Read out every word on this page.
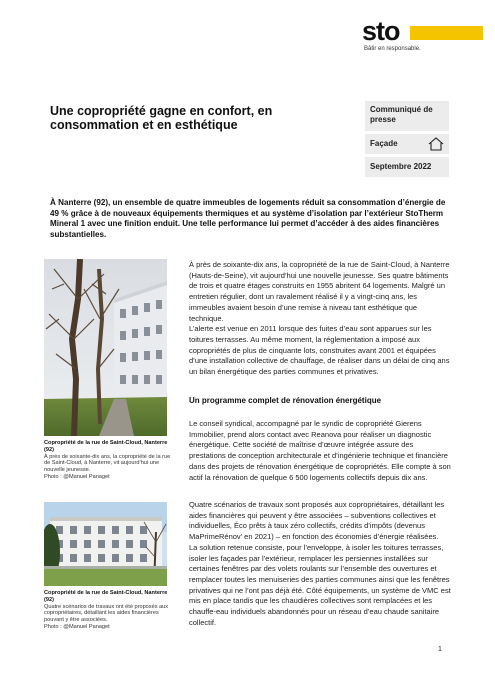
sto
Bâtir en responsable.
Une copropriété gagne en confort, en consommation et en esthétique
Communiqué de presse
Façade
Septembre 2022
À Nanterre (92), un ensemble de quatre immeubles de logements réduit sa consommation d’énergie de 49 % grâce à de nouveaux équipements thermiques et au système d’isolation par l’extérieur StoTherm Mineral 1 avec une finition enduit. Une telle performance lui permet d’accéder à des aides financières substantielles.
Copropriété de la rue de Saint-Cloud, Nanterre (92)
À près de soixante-dix ans, la copropriété de la rue de Saint-Cloud, à Nanterre, vit aujourd’hui une nouvelle jeunesse.
Photo : @Manuel Panaget
Copropriété de la rue de Saint-Cloud, Nanterre (92)
Quatre scénarios de travaux ont été proposés aux copropriétaires, détaillant les aides financières pouvant y être associées.
Photo : @Manuel Panaget

À près de soixante-dix ans, la copropriété de la rue de Saint-Cloud, à Nanterre (Hauts-de-Seine), vit aujourd’hui une nouvelle jeunesse. Ses quatre bâtiments de trois et quatre étages construits en 1955 abritent 64 logements. Malgré un entretien régulier, dont un ravalement réalisé il y a vingt-cinq ans, les immeubles avaient besoin d’une remise à niveau tant esthétique que technique.

L’alerte est venue en 2011 lorsque des fuites d’eau sont apparues sur les toitures terrasses. Au même moment, la réglementation a imposé aux copropriétés de plus de cinquante lots, construites avant 2001 et équipées d’une installation collective de chauffage, de réaliser dans un délai de cinq ans un bilan énergétique des parties communes et privatives.

Un programme complet de rénovation énergétique

Le conseil syndical, accompagné par le syndic de copropriété Gierens Immobilier, prend alors contact avec Reanova pour réaliser un diagnostic énergétique. Cette société de maîtrise d’œuvre intégrée assure des prestations de conception architecturale et d’ingénierie technique et financière dans des projets de rénovation énergétique de copropriétés. Elle compte à son actif la rénovation de quelque 6 500 logements collectifs depuis dix ans.

Quatre scénarios de travaux sont proposés aux copropriétaires, détaillant les aides financières qui peuvent y être associées – subventions collectives et individuelles, Éco prêts à taux zéro collectifs, crédits d’impôts (devenus MaPrimeRénov’ en 2021) – en fonction des économies d’énergie réalisées.

La solution retenue consiste, pour l’enveloppe, à isoler les toitures terrasses, isoler les façades par l’extérieur, remplacer les persiennes installées sur certaines fenêtres par des volets roulants sur l’ensemble des ouvertures et remplacer toutes les menuiseries des parties communes ainsi que les fenêtres privatives qui ne l’ont pas déjà été. Côté équipements, un système de VMC est mis en place tandis que les chaudières collectives sont remplacées et les chauffe-eau individuels abandonnés pour un réseau d’eau chaude sanitaire collectif.

1
